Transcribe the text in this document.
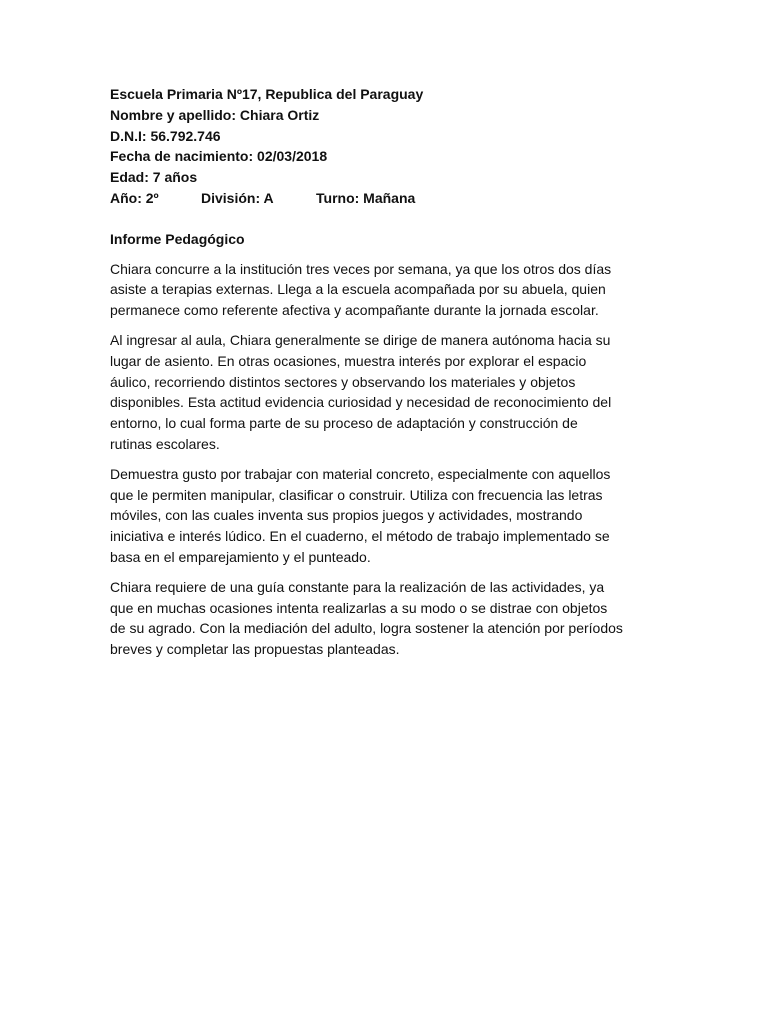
Escuela Primaria Nº17, Republica del Paraguay
Nombre y apellido: Chiara Ortiz
D.N.I: 56.792.746
Fecha de nacimiento: 02/03/2018
Edad: 7 años
Año: 2º	División: A	Turno: Mañana
Informe Pedagógico
Chiara concurre a la institución tres veces por semana, ya que los otros dos días
asiste a terapias externas. Llega a la escuela acompañada por su abuela, quien
permanece como referente afectiva y acompañante durante la jornada escolar.
Al ingresar al aula, Chiara generalmente se dirige de manera autónoma hacia su
lugar de asiento. En otras ocasiones, muestra interés por explorar el espacio
áulico, recorriendo distintos sectores y observando los materiales y objetos
disponibles. Esta actitud evidencia curiosidad y necesidad de reconocimiento del
entorno, lo cual forma parte de su proceso de adaptación y construcción de
rutinas escolares.
Demuestra gusto por trabajar con material concreto, especialmente con aquellos
que le permiten manipular, clasificar o construir. Utiliza con frecuencia las letras
móviles, con las cuales inventa sus propios juegos y actividades, mostrando
iniciativa e interés lúdico. En el cuaderno, el método de trabajo implementado se
basa en el emparejamiento y el punteado.
Chiara requiere de una guía constante para la realización de las actividades, ya
que en muchas ocasiones intenta realizarlas a su modo o se distrae con objetos
de su agrado. Con la mediación del adulto, logra sostener la atención por períodos
breves y completar las propuestas planteadas.
